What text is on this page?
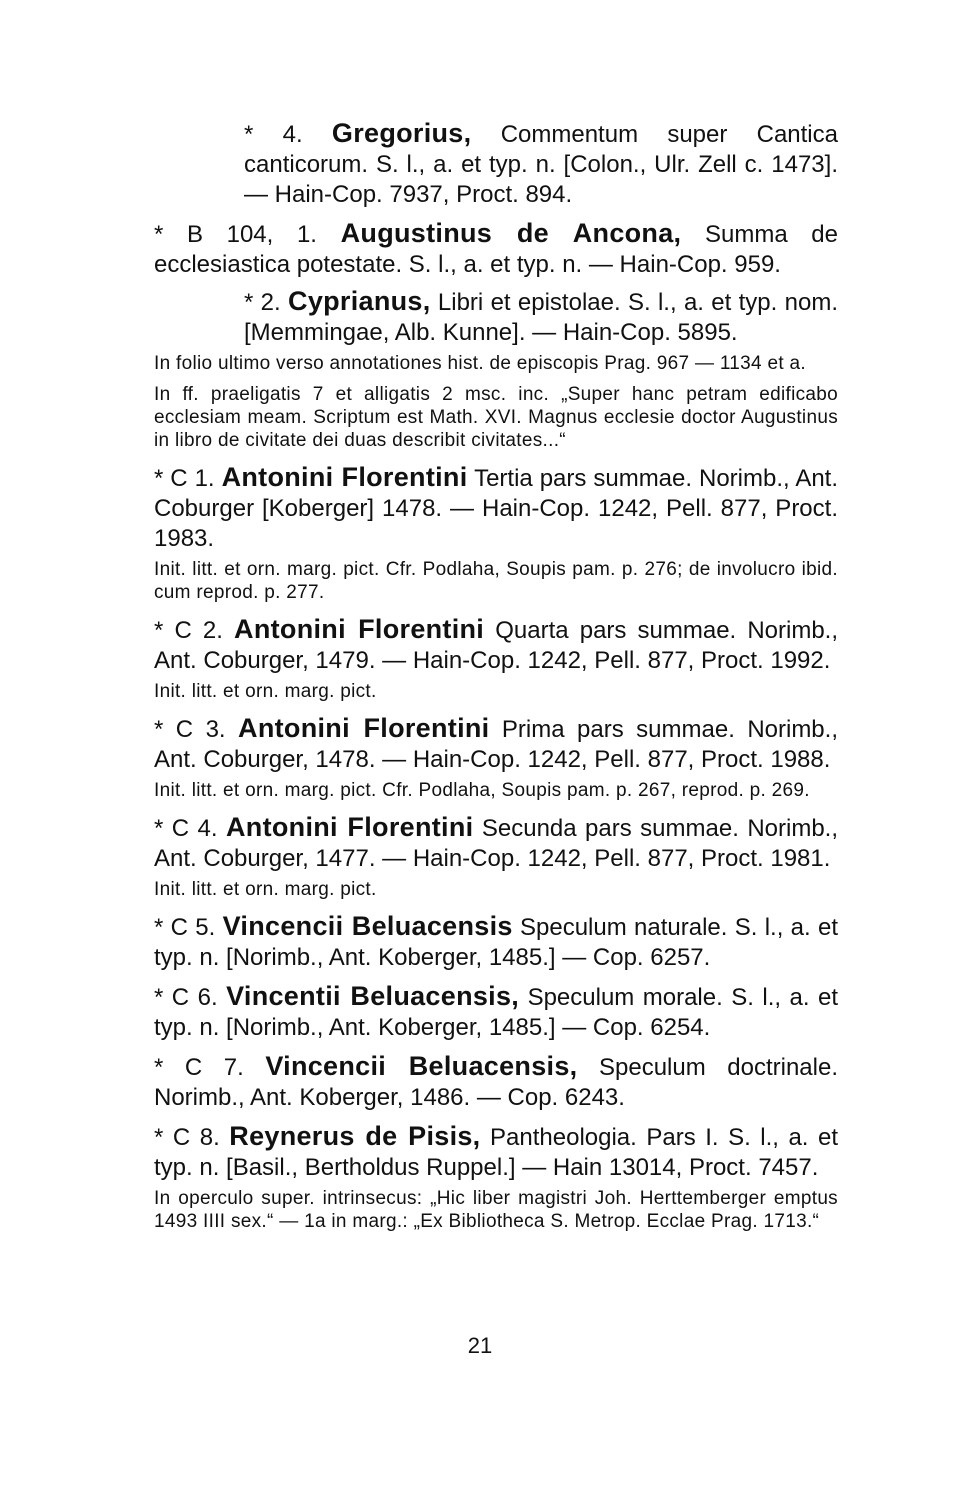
* 4. Gregorius, Commentum super Cantica canticorum. S. l., a. et typ. n. [Colon., Ulr. Zell c. 1473]. — Hain-Cop. 7937, Proct. 894.
* B 104, 1. Augustinus de Ancona, Summa de ecclesiastica potestate. S. l., a. et typ. n. — Hain-Cop. 959.
* 2. Cyprianus, Libri et epistolae. S. l., a. et typ. nom. [Memmingae, Alb. Kunne]. — Hain-Cop. 5895.
In folio ultimo verso annotationes hist. de episcopis Prag. 967 — 1134 et a.
In ff. praeligatis 7 et alligatis 2 msc. inc. „Super hanc petram edificabo ecclesiam meam. Scriptum est Math. XVI. Magnus ecclesie doctor Augustinus in libro de civitate dei duas describit civitates...“
* C 1. Antonini Florentini Tertia pars summae. Norimb., Ant. Coburger [Koberger] 1478. — Hain-Cop. 1242, Pell. 877, Proct. 1983.
Init. litt. et orn. marg. pict. Cfr. Podlaha, Soupis pam. p. 276; de involucro ibid. cum reprod. p. 277.
* C 2. Antonini Florentini Quarta pars summae. Norimb., Ant. Coburger, 1479. — Hain-Cop. 1242, Pell. 877, Proct. 1992.
Init. litt. et orn. marg. pict.
* C 3. Antonini Florentini Prima pars summae. Norimb., Ant. Coburger, 1478. — Hain-Cop. 1242, Pell. 877, Proct. 1988.
Init. litt. et orn. marg. pict. Cfr. Podlaha, Soupis pam. p. 267, reprod. p. 269.
* C 4. Antonini Florentini Secunda pars summae. Norimb., Ant. Coburger, 1477. — Hain-Cop. 1242, Pell. 877, Proct. 1981.
Init. litt. et orn. marg. pict.
* C 5. Vincencii Beluacensis Speculum naturale. S. l., a. et typ. n. [Norimb., Ant. Koberger, 1485.] — Cop. 6257.
* C 6. Vincentii Beluacensis, Speculum morale. S. l., a. et typ. n. [Norimb., Ant. Koberger, 1485.] — Cop. 6254.
* C 7. Vincencii Beluacensis, Speculum doctrinale. Norimb., Ant. Koberger, 1486. — Cop. 6243.
* C 8. Reynerus de Pisis, Pantheologia. Pars I. S. l., a. et typ. n. [Basil., Bertholdus Ruppel.] — Hain 13014, Proct. 7457.
In operculo super. intrinsecus: „Hic liber magistri Joh. Herttemberger emptus 1493 IIII sex.“ — 1a in marg.: „Ex Bibliotheca S. Metrop. Ecclae Prag. 1713.“
21
